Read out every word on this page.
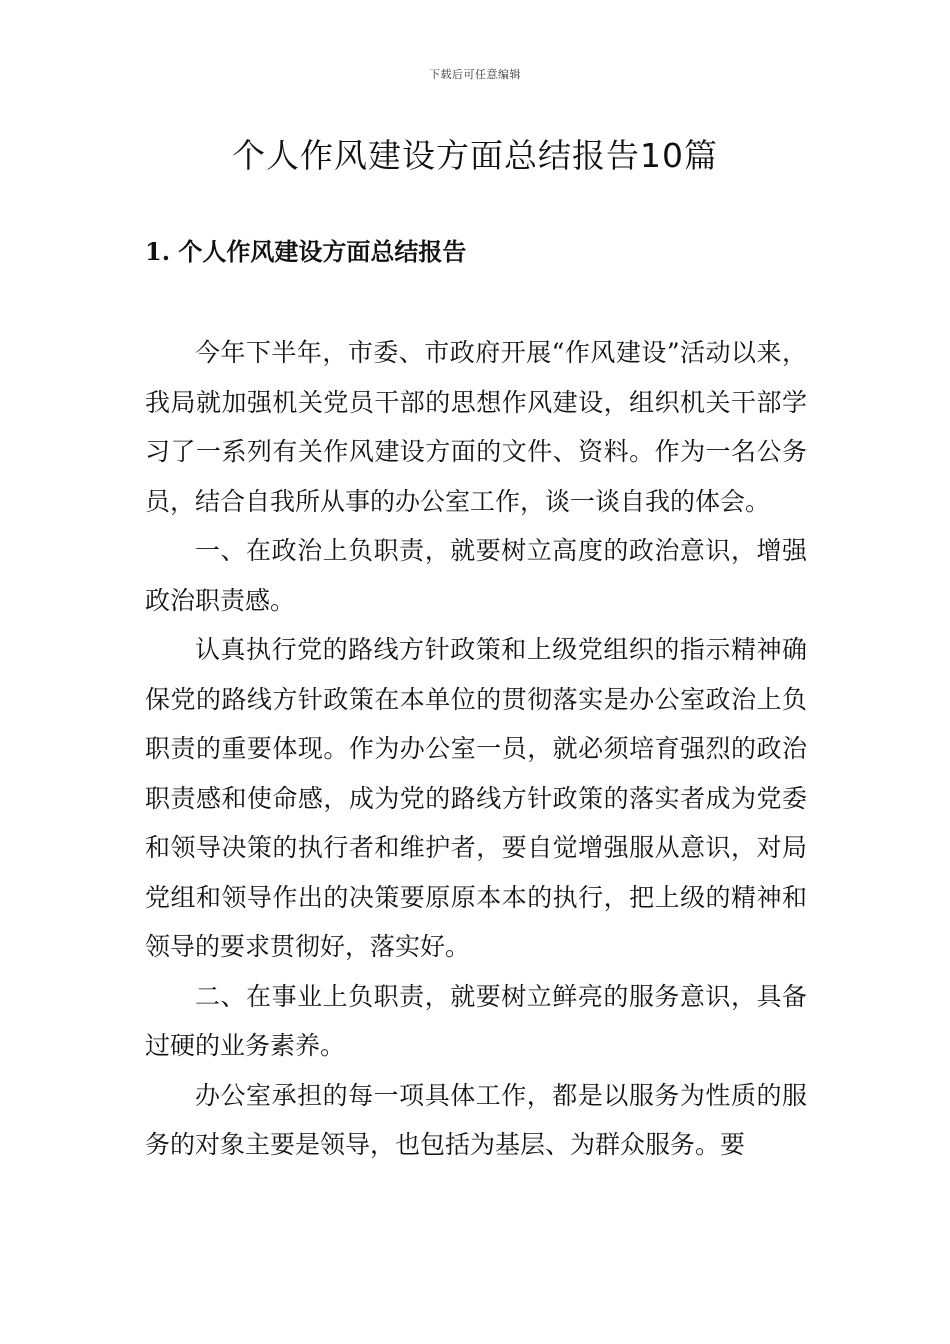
下载后可任意编辑
个人作风建设方面总结报告10篇
1. 个人作风建设方面总结报告

今年下半年，市委、市政府开展“作风建设”活动以来，我局就加强机关党员干部的思想作风建设，组织机关干部学习了一系列有关作风建设方面的文件、资料。作为一名公务员，结合自我所从事的办公室工作，谈一谈自我的体会。

一、在政治上负职责，就要树立高度的政治意识，增强政治职责感。

认真执行党的路线方针政策和上级党组织的指示精神确保党的路线方针政策在本单位的贯彻落实是办公室政治上负职责的重要体现。作为办公室一员，就必须培育强烈的政治职责感和使命感，成为党的路线方针政策的落实者成为党委和领导决策的执行者和维护者，要自觉增强服从意识，对局党组和领导作出的决策要原原本本的执行，把上级的精神和领导的要求贯彻好，落实好。

二、在事业上负职责，就要树立鲜亮的服务意识，具备过硬的业务素养。

办公室承担的每一项具体工作，都是以服务为性质的服务的对象主要是领导，也包括为基层、为群众服务。要
